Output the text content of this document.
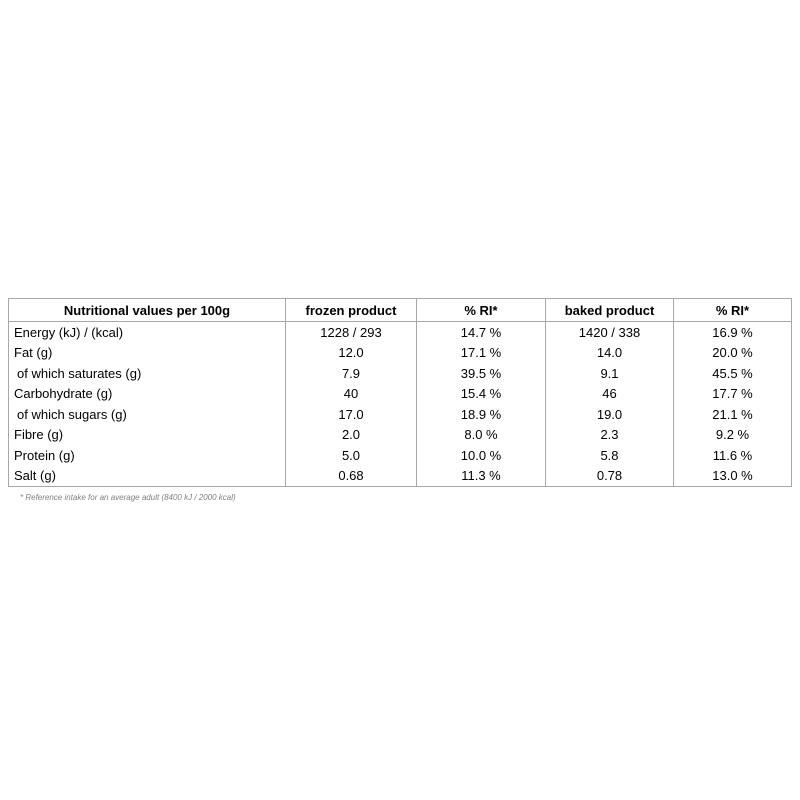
Nutritional values per 100g	frozen product	% RI*	baked product	% RI*
Energy (kJ) / (kcal)	1228 / 293	14.7 %	1420 / 338	16.9 %
Fat (g)	12.0	17.1 %	14.0	20.0 %
of which saturates (g)	7.9	39.5 %	9.1	45.5 %
Carbohydrate (g)	40	15.4 %	46	17.7 %
of which sugars (g)	17.0	18.9 %	19.0	21.1 %
Fibre (g)	2.0	8.0 %	2.3	9.2 %
Protein (g)	5.0	10.0 %	5.8	11.6 %
Salt (g)	0.68	11.3 %	0.78	13.0 %
* Reference intake for an average adult (8400 kJ / 2000 kcal)
